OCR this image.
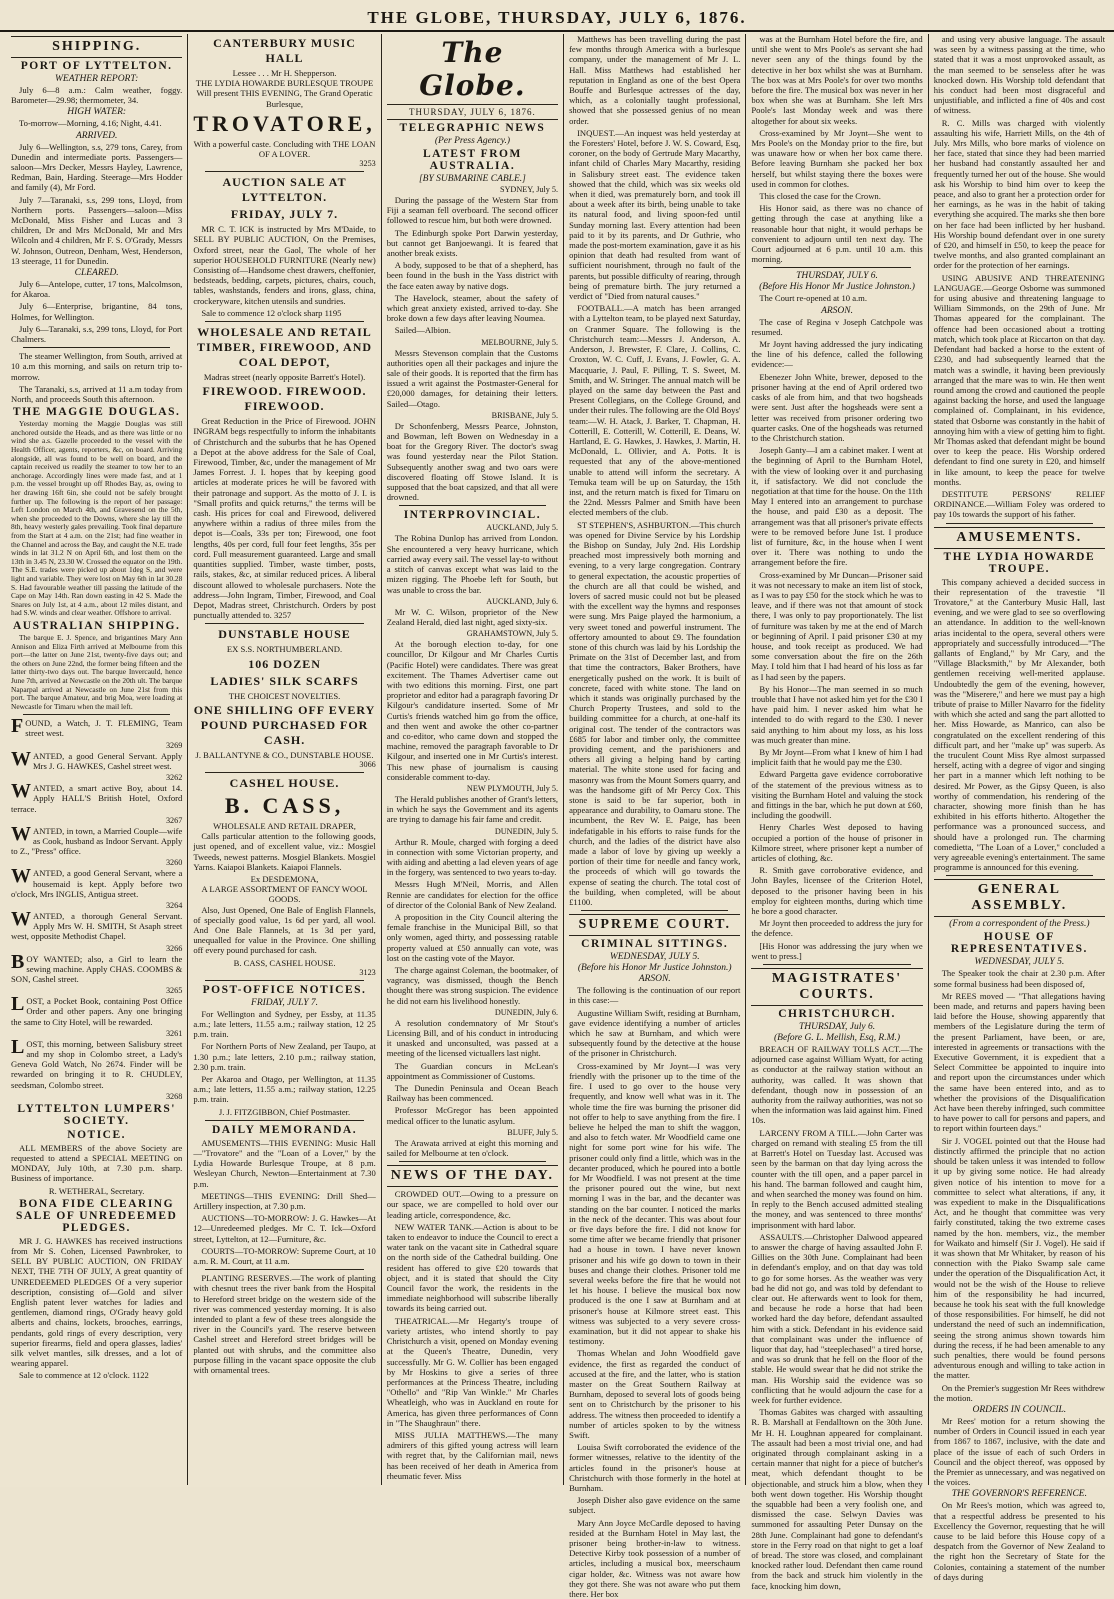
THE GLOBE, THURSDAY, JULY 6, 1876.
SHIPPING.
PORT OF LYTTELTON.
WEATHER REPORT:
July 6—8 a.m.: Calm weather, foggy. Barometer—29.98; thermometer, 34.
HIGH WATER:
To-morrow—Morning, 4.16; Night, 4.41.
ARRIVED.
July 6—Wellington, s.s, 279 tons, Carey, from Dunedin and intermediate ports. Passengers—saloon—Mrs Decker, Messrs Hayley, Lawrence, Redman, Bain, Harding. Steerage—Mrs Hodder and family (4), Mr Ford.
July 7—Taranaki, s.s, 299 tons, Lloyd, from Northern ports. Passengers—saloon—Miss McDonald, Miss Fisher and Lucas and 3 children, Dr and Mrs McDonald, Mr and Mrs Wilcoln and 4 children, Mr F. S. O'Grady, Messrs W. Johnson, Outreon, Denham, West, Henderson, 13 steerage, 11 for Dunedin.
CLEARED.
July 6—Antelope, cutter, 17 tons, Malcolmson, for Akaroa.
July 6—Enterprise, brigantine, 84 tons, Holmes, for Wellington.
July 6—Taranaki, s.s, 299 tons, Lloyd, for Port Chalmers.
The steamer Wellington, from South, arrived at 10 a.m this morning, and sails on return trip to-morrow.
The Taranaki, s.s, arrived at 11 a.m today from North, and proceeds South this afternoon.
THE MAGGIE DOUGLAS.
Yesterday morning the Maggie Douglas was still anchored outside the Heads, and as there was little or no wind she a.s. Gazelle proceeded to the vessel with the Health Officer, agents, reporters, &c, on board. Arriving alongside, all was found to be well on board, and the captain received us readily the steamer to tow her to an anchorage. Accordingly lines were made fast, and at 1 p.m. the vessel brought up off Rhodes Bay, as, owing to her drawing 16ft 6in, she could not be safely brought further up. The following is the report of her passage: Left London on March 4th, and Gravesend on the 5th, when she proceeded to the Downs, where she lay till the 8th, heavy westerly gales prevailing. Took final departure from the Start at 4 a.m. on the 21st; had fine weather in the Channel and across the Bay, and caught the N.E. trade winds in lat 31.2 N on April 6th, and lost them on the 13th in 3.45 N, 23.30 W. Crossed the equator on the 19th. The S.E. trades were picked up about 1deg S, and were light and variable. They were lost on May 6th in lat 30.28 S. Had favourable weather till passing the latitude of the Cape on May 14th. Ran down easting in 42 S. Made the Snares on July 1st, at 4 a.m., about 12 miles distant, and had S.W. winds and clear weather. Offshore to arrival.
AUSTRALIAN SHIPPING.
The barque E. J. Spence, and brigantines Mary Ann Annison and Eliza Firth arrived at Melbourne from this port—the latter on June 21st, twenty-five days out; and the others on June 22nd, the former being fifteen and the latter thirty-two days out. The barque Invercauld, hence June 7th, arrived at Newcastle on the 20th ult. The barque Naparpal arrived at Newcastle on June 21st from this port. The barque Amateur, and brig Moa, were loading at Newcastle for Timaru when the mail left.
FOUND, a Watch, J. T. FLEMING, Team street west.
3269
WANTED, a good General Servant. Apply Mrs J. G. HAWKES, Cashel street west.
3262
WANTED, a smart active Boy, about 14. Apply HALL'S British Hotel, Oxford terrace.
3267
WANTED, in town, a Married Couple—wife as Cook, husband as Indoor Servant. Apply to Z., "Press" office.
3260
WANTED, a good General Servant, where a housemaid is kept. Apply before two o'clock, Mrs INGLIS, Antigua street.
3264
WANTED, a thorough General Servant. Apply Mrs W. H. SMITH, St Asaph street west, opposite Methodist Chapel.
3266
BOY WANTED; also, a Girl to learn the sewing machine. Apply CHAS. COOMBS & SON, Cashel street.
3265
LOST, a Pocket Book, containing Post Office Order and other papers. Any one bringing the same to City Hotel, will be rewarded.
3261
LOST, this morning, between Salisbury street and my shop in Colombo street, a Lady's Geneva Gold Watch, No 2674. Finder will be rewarded on bringing it to R. CHUDLEY, seedsman, Colombo street.
3268
LYTTELTON LUMPERS' SOCIETY.
NOTICE.
ALL MEMBERS of the above Society are requested to attend a SPECIAL MEETING on MONDAY, July 10th, at 7.30 p.m. sharp. Business of importance.
R. WETHERAL, Secretary.
BONA FIDE CLEARING SALE OF UNREDEEMED PLEDGES.
MR J. G. HAWKES has received instructions from Mr S. Cohen, Licensed Pawnbroker, to SELL BY PUBLIC AUCTION, ON FRIDAY NEXT, THE 7TH OF JULY, A great quantity of UNREDEEMED PLEDGES Of a very superior description, consisting of—Gold and silver English patent lever watches for ladies and gentlemen, diamond rings, O'Grady heavy gold alberts and chains, lockets, brooches, earrings, pendants, gold rings of every description, very superior firearms, field and opera glasses, ladies' silk velvet mantles, silk dresses, and a lot of wearing apparel.
Sale to commence at 12 o'clock. 1122
CANTERBURY MUSIC HALL
Lessee . . . Mr H. Shepperson.
THE LYDIA HOWARDE BURLESQUE TROUPE
Will present THIS EVENING, The Grand Operatic Burlesque,
TROVATORE,
With a powerful caste. Concluding with THE LOAN OF A LOVER.
3253
AUCTION SALE AT LYTTELTON.
FRIDAY, JULY 7.
MR C. T. ICK is instructed by Mrs M'Daide, to SELL BY PUBLIC AUCTION, On the Premises, Oxford street, near the Gaol, The whole of her superior HOUSEHOLD FURNITURE (Nearly new) Consisting of—Handsome chest drawers, cheffonier, bedsteads, bedding, carpets, pictures, chairs, couch, tables, washstands, fenders and irons, glass, china, crockeryware, kitchen utensils and sundries.
Sale to commence 12 o'clock sharp 1195
WHOLESALE AND RETAIL TIMBER, FIREWOOD, AND COAL DEPOT,
Madras street (nearly opposite Barrett's Hotel).
FIREWOOD. FIREWOOD. FIREWOOD.
Great Reduction in the Price of Firewood. JOHN INGRAM begs respectfully to inform the inhabitants of Christchurch and the suburbs that he has Opened a Depot at the above address for the Sale of Coal, Firewood, Timber, &c, under the management of Mr James Forrest. J. I. hopes that by keeping good articles at moderate prices he will be favored with their patronage and support. As the motto of J. I. is "Small profits and quick returns," the terms will be cash. His prices for coal and Firewood, delivered anywhere within a radius of three miles from the depot is—Coals, 33s per ton; Firewood, one foot lengths, 40s per cord, full four feet lengths, 35s per cord. Full measurement guaranteed. Large and small quantities supplied. Timber, waste timber, posts, rails, stakes, &c, at similar reduced prices. A liberal discount allowed to wholesale purchasers. Note the address—John Ingram, Timber, Firewood, and Coal Depot, Madras street, Christchurch. Orders by post punctually attended to. 3257
DUNSTABLE HOUSE
EX S.S. NORTHUMBERLAND.
106 DOZEN
LADIES' SILK SCARFS
THE CHOICEST NOVELTIES.
ONE SHILLING OFF EVERY POUND PURCHASED FOR CASH.
J. BALLANTYNE & CO., DUNSTABLE HOUSE.
3066
CASHEL HOUSE.
B. CASS,
WHOLESALE AND RETAIL DRAPER,
Calls particular attention to the following goods, just opened, and of excellent value, viz.: Mosgiel Tweeds, newest patterns. Mosgiel Blankets. Mosgiel Yarns. Kaiapoi Blankets. Kaiapoi Flannels.
Ex DESDEMONA,
A LARGE ASSORTMENT OF FANCY WOOL GOODS.
Also, Just Opened, One Bale of English Flannels, of specially good value, 1s 6d per yard, all wool. And One Bale Flannels, at 1s 3d per yard, unequalled for value in the Province. One shilling off every pound purchased for cash.
B. CASS, CASHEL HOUSE.
3123
POST-OFFICE NOTICES.
FRIDAY, JULY 7.
For Wellington and Sydney, per Essby, at 11.35 a.m.; late letters, 11.55 a.m.; railway station, 12 25 p.m. train.
For Northern Ports of New Zealand, per Taupo, at 1.30 p.m.; late letters, 2.10 p.m.; railway station, 2.30 p.m. train.
Per Akaroa and Otago, per Wellington, at 11.35 a.m.; late letters, 11.55 a.m.; railway station, 12.25 p.m. train.
J. J. FITZGIBBON, Chief Postmaster.
DAILY MEMORANDA.
AMUSEMENTS—THIS EVENING: Music Hall—"Trovatore" and the "Loan of a Lover," by the Lydia Howarde Burlesque Troupe, at 8 p.m. Wesleyan Church, Newton—Entertainment at 7.30 p.m.
MEETINGS—THIS EVENING: Drill Shed—Artillery inspection, at 7.30 p.m.
AUCTIONS—TO-MORROW: J. G. Hawkes—At 12—Unredeemed pledges. Mr C. T. Ick—Oxford street, Lyttelton, at 12—Furniture, &c.
COURTS—TO-MORROW: Supreme Court, at 10 a.m. R. M. Court, at 11 a.m.
PLANTING RESERVES.—The work of planting with chesnut trees the river bank from the Hospital to Hereford street bridge on the western side of the river was commenced yesterday morning. It is also intended to plant a few of these trees alongside the river in the Council's yard. The reserve between Cashel street and Hereford street bridges will be planted out with shrubs, and the committee also purpose filling in the vacant space opposite the club with ornamental trees.
The Globe.
THURSDAY, JULY 6, 1876.
TELEGRAPHIC NEWS
(Per Press Agency.)
LATEST FROM AUSTRALIA.
[BY SUBMARINE CABLE.]
SYDNEY, July 5.
During the passage of the Western Star from Fiji a seaman fell overboard. The second officer followed to rescue him, but both were drowned.
The Edinburgh spoke Port Darwin yesterday, but cannot get Banjoewangi. It is feared that another break exists.
A body, supposed to be that of a shepherd, has been found in the bush in the Yass district with the face eaten away by native dogs.
The Havelock, steamer, about the safety of which great anxiety existed, arrived to-day. She broke down a few days after leaving Noumea.
Sailed—Albion.
MELBOURNE, July 5.
Messrs Stevenson complain that the Customs authorities open all their packages and injure the sale of their goods. It is reported that the firm has issued a writ against the Postmaster-General for £20,000 damages, for detaining their letters. Sailed—Otago.
BRISBANE, July 5.
Dr Schonfenberg, Messrs Pearce, Johnston, and Bowman, left Bowen on Wednesday in a boat for the Gregory River. The doctor's swag was found yesterday near the Pilot Station. Subsequently another swag and two oars were discovered floating off Stowe Island. It is supposed that the boat capsized, and that all were drowned.
INTERPROVINCIAL.
AUCKLAND, July 5.
The Robina Dunlop has arrived from London. She encountered a very heavy hurricane, which carried away every sail. The vessel lay-to without a stitch of canvas except what was laid to the mizen rigging. The Phoebe left for South, but was unable to cross the bar.
AUCKLAND, July 6.
Mr W. C. Wilson, proprietor of the New Zealand Herald, died last night, aged sixty-six.
GRAHAMSTOWN, July 5.
At the borough election to-day, for one councillor, Dr Kilgour and Mr Charles Curtis (Pacific Hotel) were candidates. There was great excitement. The Thames Advertiser came out with two editions this morning. First, one part proprietor and editor had a paragraph favoring Dr Kilgour's candidature inserted. Some of Mr Curtis's friends watched him go from the office, and then went and awoke the other co-partner and co-editor, who came down and stopped the machine, removed the paragraph favorable to Dr Kilgour, and inserted one in Mr Curtis's interest. This new phase of journalism is causing considerable comment to-day.
NEW PLYMOUTH, July 5.
The Herald publishes another of Grant's letters, in which he says the Government and its agents are trying to damage his fair fame and credit.
DUNEDIN, July 5.
Arthur R. Moule, charged with forging a deed in connection with some Victorian property, and with aiding and abetting a lad eleven years of age in the forgery, was sentenced to two years to-day.
Messrs Hugh M'Neil, Morris, and Allen Rennie are candidates for election for the office of director of the Colonial Bank of New Zealand.
A proposition in the City Council altering the female franchise in the Municipal Bill, so that only women, aged thirty, and possessing ratable property valued at £50 annually can vote, was lost on the casting vote of the Mayor.
The charge against Coleman, the bootmaker, of vagrancy, was dismissed, though the Bench thought there was strong suspicion. The evidence he did not earn his livelihood honestly.
DUNEDIN, July 6.
A resolution condemnatory of Mr Stout's Licensing Bill, and of his conduct in introducing it unasked and unconsulted, was passed at a meeting of the licensed victuallers last night.
The Guardian concurs in McLean's appointment as Commissioner of Customs.
The Dunedin Peninsula and Ocean Beach Railway has been commenced.
Professor McGregor has been appointed medical officer to the lunatic asylum.
BLUFF, July 5.
The Arawata arrived at eight this morning and sailed for Melbourne at ten o'clock.
NEWS OF THE DAY.
CROWDED OUT.—Owing to a pressure on our space, we are compelled to hold over our leading article, correspondence, &c.
NEW WATER TANK.—Action is about to be taken to endeavor to induce the Council to erect a water tank on the vacant site in Cathedral square on the north side of the Cathedral building. One resident has offered to give £20 towards that object, and it is stated that should the City Council favor the work, the residents in the immediate neighborhood will subscribe liberally towards its being carried out.
THEATRICAL.—Mr Hegarty's troupe of variety artistes, who intend shortly to pay Christchurch a visit, opened on Monday evening at the Queen's Theatre, Dunedin, very successfully. Mr G. W. Collier has been engaged by Mr Hoskins to give a series of three performances at the Princess Theatre, including "Othello" and "Rip Van Winkle." Mr Charles Wheatleigh, who was in Auckland en route for America, has given three performances of Conn in "The Shaughraun" there.
MISS JULIA MATTHEWS.—The many admirers of this gifted young actress will learn with regret that, by the Californian mail, news has been received of her death in America from rheumatic fever. Miss
Matthews has been travelling during the past few months through America with a burlesque company, under the management of Mr J. L. Hall. Miss Matthews had established her reputation in England as one of the best Opera Bouffe and Burlesque actresses of the day, which, as a colonially taught professional, showed that she possessed genius of no mean order.
INQUEST.—An inquest was held yesterday at the Foresters' Hotel, before J. W. S. Coward, Esq, coroner, on the body of Gertrude Mary Macarthy, infant child of Charles Mary Macarthy, residing in Salisbury street east. The evidence taken showed that the child, which was six weeks old when it died, was prematurely born, and took ill about a week after its birth, being unable to take its natural food, and living spoon-fed until Sunday morning last. Every attention had been paid to it by its parents, and Dr Guthrie, who made the post-mortem examination, gave it as his opinion that death had resulted from want of sufficient nourishment, through no fault of the parents, but possible difficulty of rearing, through being of premature birth. The jury returned a verdict of "Died from natural causes."
FOOTBALL.—A match has been arranged with a Lyttelton team, to be played next Saturday, on Cranmer Square. The following is the Christchurch team:—Messrs J. Anderson, A. Anderson, J. Brewster, F. Clare, J. Collins, C. Croxton, W. C. Cuff, J. Evans, J. Fowler, G. A. Macquarie, J. Paul, F. Pilling, T. S. Sweet, M. Smith, and W. Stringer. The annual match will be played on the same day between the Past and Present Collegians, on the College Ground, and under their rules. The following are the Old Boys' team:—W. H. Atack, J. Barker, T. Chapman, H. Cotterill, E. Cotterill, W. Cotterill, E. Deans, W. Hartland, E. G. Hawkes, J. Hawkes, J. Martin, H. McDonald, L. Ollivier, and A. Potts. It is requested that any of the above-mentioned unable to attend will inform the secretary. A Temuka team will be up on Saturday, the 15th inst, and the return match is fixed for Timaru on the 22nd. Messrs Palmer and Smith have been elected members of the club.
ST STEPHEN'S, ASHBURTON.—This church was opened for Divine Service by his Lordship the Bishop on Sunday, July 2nd. His Lordship preached most impressively both morning and evening, to a very large congregation. Contrary to general expectation, the acoustic properties of the church are all that could be wished, and lovers of sacred music could not but be pleased with the excellent way the hymns and responses were sung. Mrs Paige played the harmonium, a very sweet toned and powerful instrument. The offertory amounted to about £9. The foundation stone of this church was laid by his Lordship the Primate on the 31st of December last, and from that time the contractors, Baker Brothers, have energetically pushed on the work. It is built of concrete, faced with white stone. The land on which it stands was originally purchased by the Church Property Trustees, and sold to the building committee for a church, at one-half its original cost. The tender of the contractors was £685 for labor and timber only, the committee providing cement, and the parishioners and others all giving a helping hand by carting material. The white stone used for facing and masonry was from the Mount Somers quarry, and was the handsome gift of Mr Percy Cox. This stone is said to be far superior, both in appearance and durability, to Oamaru stone. The incumbent, the Rev W. E. Paige, has been indefatigable in his efforts to raise funds for the church, and the ladies of the district have also made a labor of love by giving up weekly a portion of their time for needle and fancy work, the proceeds of which will go towards the expense of seating the church. The total cost of the building, when completed, will be about £1100.
SUPREME COURT.
CRIMINAL SITTINGS.
WEDNESDAY, JULY 5.
(Before his Honor Mr Justice Johnston.)
ARSON.
The following is the continuation of our report in this case:—
Augustine William Swift, residing at Burnham, gave evidence identifying a number of articles which he saw at Burnham, and which were subsequently found by the detective at the house of the prisoner in Christchurch.
Cross-examined by Mr Joynt—I was very friendly with the prisoner up to the time of the fire. I used to go over to the house very frequently, and know well what was in it. The whole time the fire was burning the prisoner did not offer to help to save anything from the fire. I believe he helped the man to shift the waggon, and also to fetch water. Mr Woodfield came one night for some port wine for his wife. The prisoner could only find a little, which was in the decanter produced, which he poured into a bottle for Mr Woodfield. I was not present at the time the prisoner poured out the wine, but next morning I was in the bar, and the decanter was standing on the bar counter. I noticed the marks in the neck of the decanter. This was about four or five days before the fire. I did not know for some time after we became friendly that prisoner had a house in town. I have never known prisoner and his wife go down to town in their buses and change their clothes. Prisoner told me several weeks before the fire that he would not let his house. I believe the musical box now produced is the one I saw at Burnham and at prisoner's house at Kilmore street east. This witness was subjected to a very severe cross-examination, but it did not appear to shake his testimony.
Thomas Whelan and John Woodfield gave evidence, the first as regarded the conduct of accused at the fire, and the latter, who is station master on the Great Southern Railway at Burnham, deposed to several lots of goods being sent on to Christchurch by the prisoner to his address. The witness then proceeded to identify a number of articles spoken to by the witness Swift.
Louisa Swift corroborated the evidence of the former witnesses, relative to the identity of the articles found in the prisoner's house at Christchurch with those formerly in the hotel at Burnham.
Joseph Disher also gave evidence on the same subject.
Mary Ann Joyce McCardle deposed to having resided at the Burnham Hotel in May last, the prisoner being brother-in-law to witness. Detective Kirby took possession of a number of articles, including a musical box, meerschaum cigar holder, &c. Witness was not aware how they got there. She was not aware who put them there. Her box
was at the Burnham Hotel before the fire, and until she went to Mrs Poole's as servant she had never seen any of the things found by the detective in her box whilst she was at Burnham. The box was at Mrs Poole's for over two months before the fire. The musical box was never in her box when she was at Burnham. She left Mrs Poole's last Monday week and was there altogether for about six weeks.
Cross-examined by Mr Joynt—She went to Mrs Poole's on the Monday prior to the fire, but was unaware how or when her box came there. Before leaving Burnham she packed her box herself, but whilst staying there the boxes were used in common for clothes.
This closed the case for the Crown.
His Honor said, as there was no chance of getting through the case at anything like a reasonable hour that night, it would perhaps be convenient to adjourn until ten next day. The Court adjourned at 6 p.m. until 10 a.m. this morning.
THURSDAY, JULY 6.
(Before His Honor Mr Justice Johnston.)
The Court re-opened at 10 a.m.
ARSON.
The case of Regina v Joseph Catchpole was resumed.
Mr Joynt having addressed the jury indicating the line of his defence, called the following evidence:—
Ebenezer John White, brewer, deposed to the prisoner having at the end of April ordered two casks of ale from him, and that two hogsheads were sent. Just after the hogsheads were sent a letter was received from prisoner ordering two quarter casks. One of the hogsheads was returned to the Christchurch station.
Joseph Ganty—I am a cabinet maker. I went at the beginning of April to the Burnham Hotel, with the view of looking over it and purchasing it, if satisfactory. We did not conclude the negotiation at that time for the house. On the 11th May I entered into an arrangement to purchase the house, and paid £30 as a deposit. The arrangement was that all prisoner's private effects were to be removed before June 1st. I produce list of furniture, &c, in the house when I went over it. There was nothing to undo the arrangement before the fire.
Cross-examined by Mr Duncan—Prisoner said it was not necessary to make an item list of stock, as I was to pay £50 for the stock which he was to leave, and if there was not that amount of stock there, I was only to pay proportionately. The list of furniture was taken by me at the end of March or beginning of April. I paid prisoner £30 at my house, and took receipt as produced. We had some conversation about the fire on the 26th May. I told him that I had heard of his loss as far as I had seen by the papers.
By his Honor—The man seemed in so much trouble that I have not asked him yet for the £30 I have paid him. I never asked him what he intended to do with regard to the £30. I never said anything to him about my loss, as his loss was much greater than mine.
By Mr Joynt—From what I knew of him I had implicit faith that he would pay me the £30.
Edward Pargetta gave evidence corroborative of the statement of the previous witness as to visiting the Burnham Hotel and valuing the stock and fittings in the bar, which he put down at £60, including the goodwill.
Henry Charles West deposed to having occupied a portion of the house of prisoner in Kilmore street, where prisoner kept a number of articles of clothing, &c.
R. Smith gave corroborative evidence, and John Bayles, licensee of the Criterion Hotel, deposed to the prisoner having been in his employ for eighteen months, during which time he bore a good character.
Mr Joynt then proceeded to address the jury for the defence.
[His Honor was addressing the jury when we went to press.]
MAGISTRATES' COURTS.
CHRISTCHURCH.
THURSDAY, July 6.
(Before G. L. Mellish, Esq, R.M.)
BREACH OF RAILWAY TOLLS ACT.—The adjourned case against William Wyatt, for acting as conductor at the railway station without an authority, was called. It was shown that defendant, though now in possession of an authority from the railway authorities, was not so when the information was laid against him. Fined 10s.
LARCENY FROM A TILL.—John Carter was charged on remand with stealing £5 from the till at Barrett's Hotel on Tuesday last. Accused was seen by the barman on that day lying across the counter with the till open, and a paper parcel in his hand. The barman followed and caught him, and when searched the money was found on him. In reply to the Bench accused admitted stealing the money, and was sentenced to three months' imprisonment with hard labor.
ASSAULTS.—Christopher Dalwood appeared to answer the charge of having assaulted John F. Gillies on the 30th June. Complainant had been in defendant's employ, and on that day was told to go for some horses. As the weather was very bad he did not go, and was told by defendant to clear out. He afterwards went to look for them, and because he rode a horse that had been worked hard the day before, defendant assaulted him with a stick. Defendant in his evidence said that complainant was under the influence of liquor that day, had "steeplechased" a tired horse, and was so drunk that he fell on the floor of the stable. He would swear that he did not strike the man. His Worship said the evidence was so conflicting that he would adjourn the case for a week for further evidence.
Thomas Gabites was charged with assaulting R. B. Marshall at Fendalltown on the 30th June. Mr H. H. Loughnan appeared for complainant. The assault had been a most trivial one, and had originated through complainant asking in a certain manner that night for a piece of butcher's meat, which defendant thought to be objectionable, and struck him a blow, when they both went down together. His Worship thought the squabble had been a very foolish one, and dismissed the case. Selwyn Davies was summoned for assaulting Peter Dunsay on the 28th June. Complainant had gone to defendant's store in the Ferry road on that night to get a loaf of bread. The store was closed, and complainant knocked rather loud. Defendant then came round from the back and struck him violently in the face, knocking him down,
and using very abusive language. The assault was seen by a witness passing at the time, who stated that it was a most unprovoked assault, as the man seemed to be senseless after he was knocked down. His Worship told defendant that his conduct had been most disgraceful and unjustifiable, and inflicted a fine of 40s and cost of witness.
R. C. Mills was charged with violently assaulting his wife, Harriett Mills, on the 4th of July. Mrs Mills, who bore marks of violence on her face, stated that since they had been married her husband had constantly assaulted her and frequently turned her out of the house. She would ask his Worship to bind him over to keep the peace, and also to grant her a protection order for her earnings, as he was in the habit of taking everything she acquired. The marks she then bore on her face had been inflicted by her husband. His Worship bound defendant over in one surety of £20, and himself in £50, to keep the peace for twelve months, and also granted complainant an order for the protection of her earnings.
USING ABUSIVE AND THREATENING LANGUAGE.—George Osborne was summoned for using abusive and threatening language to William Simmonds, on the 29th of June. Mr Thomas appeared for the complainant. The offence had been occasioned about a trotting match, which took place at Riccarton on that day. Defendant had backed a horse to the extent of £230, and had subsequently learned that the match was a swindle, it having been previously arranged that the mare was to win. He then went round among the crowd and cautioned the people against backing the horse, and used the language complained of. Complainant, in his evidence, stated that Osborne was constantly in the habit of annoying him with a view of getting him to fight. Mr Thomas asked that defendant might be bound over to keep the peace. His Worship ordered defendant to find one surety in £20, and himself in like amount, to keep the peace for twelve months.
DESTITUTE PERSONS' RELIEF ORDINANCE.—William Foley was ordered to pay 10s towards the support of his father.
AMUSEMENTS.
THE LYDIA HOWARDE TROUPE.
This company achieved a decided success in their representation of the travestie "Il Trovatore," at the Canterbury Music Hall, last evening, and we were glad to see so overflowing an attendance. In addition to the well-known arias incidental to the opera, several others were appropriately and successfully introduced—"The gallants of England," by Mr Cary, and the "Village Blacksmith," by Mr Alexander, both gentlemen receiving well-merited applause. Undoubtedly the gem of the evening, however, was the "Miserere," and here we must pay a high tribute of praise to Miller Navarro for the fidelity with which she acted and sang the part allotted to her. Miss Howarde, as Manrico, can also be congratulated on the excellent rendering of this difficult part, and her "make up" was superb. As the truculent Count Miss Rye almost surpassed herself, acting with a degree of vigor and singing her part in a manner which left nothing to be desired. Mr Power, as the Gipsy Queen, is also worthy of commendation, his rendering of the character, showing more finish than he has exhibited in his efforts hitherto. Altogether the performance was a pronounced success, and should have a prolonged run. The charming comedietta, "The Loan of a Lover," concluded a very agreeable evening's entertainment. The same programme is announced for this evening.
GENERAL ASSEMBLY.
(From a correspondent of the Press.)
HOUSE OF REPRESENTATIVES.
WEDNESDAY, JULY 5.
The Speaker took the chair at 2.30 p.m. After some formal business had been disposed of,
Mr REES moved — "That allegations having been made, and returns and papers having been laid before the House, showing apparently that members of the Legislature during the term of the present Parliament, have been, or are, interested in agreements or transactions with the Executive Government, it is expedient that a Select Committee be appointed to inquire into and report upon the circumstances under which the same have been entered into, and as to whether the provisions of the Disqualification Act have been thereby infringed, such committee to have power to call for persons and papers, and to report within fourteen days."
Sir J. VOGEL pointed out that the House had distinctly affirmed the principle that no action should be taken unless it was intended to follow it up by giving some notice. He had already given notice of his intention to move for a committee to select what alterations, if any, it was expedient to make in the Disqualifications Act, and he thought that committee was very fairly constituted, taking the two extreme cases named by the hon. members, viz., the member for Waikato and himself (Sir J. Vogel). He said if it was shown that Mr Whitaker, by reason of his connection with the Piako Swamp sale came under the operation of the Disqualification Act, it would not be the wish of the House to relieve him of the responsibility he had incurred, because he took his seat with the full knowledge of those responsibilities. For himself, he did not understand the need of such an indemnification, seeing the strong animus shown towards him during the recess, if he had been amenable to any such penalties, there would be found persons adventurous enough and willing to take action in the matter.
On the Premier's suggestion Mr Rees withdrew the motion.
ORDERS IN COUNCIL.
Mr Rees' motion for a return showing the number of Orders in Council issued in each year from 1867 to 1867, inclusive, with the date and place of the issue of each of such Orders in Council and the object thereof, was opposed by the Premier as unnecessary, and was negatived on the voices.
THE GOVERNOR'S REFERENCE.
On Mr Rees's motion, which was agreed to, that a respectful address be presented to his Excellency the Governor, requesting that he will cause to be laid before this House copy of a despatch from the Governor of New Zealand to the right hon the Secretary of State for the Colonies, containing a statement of the number of days during
